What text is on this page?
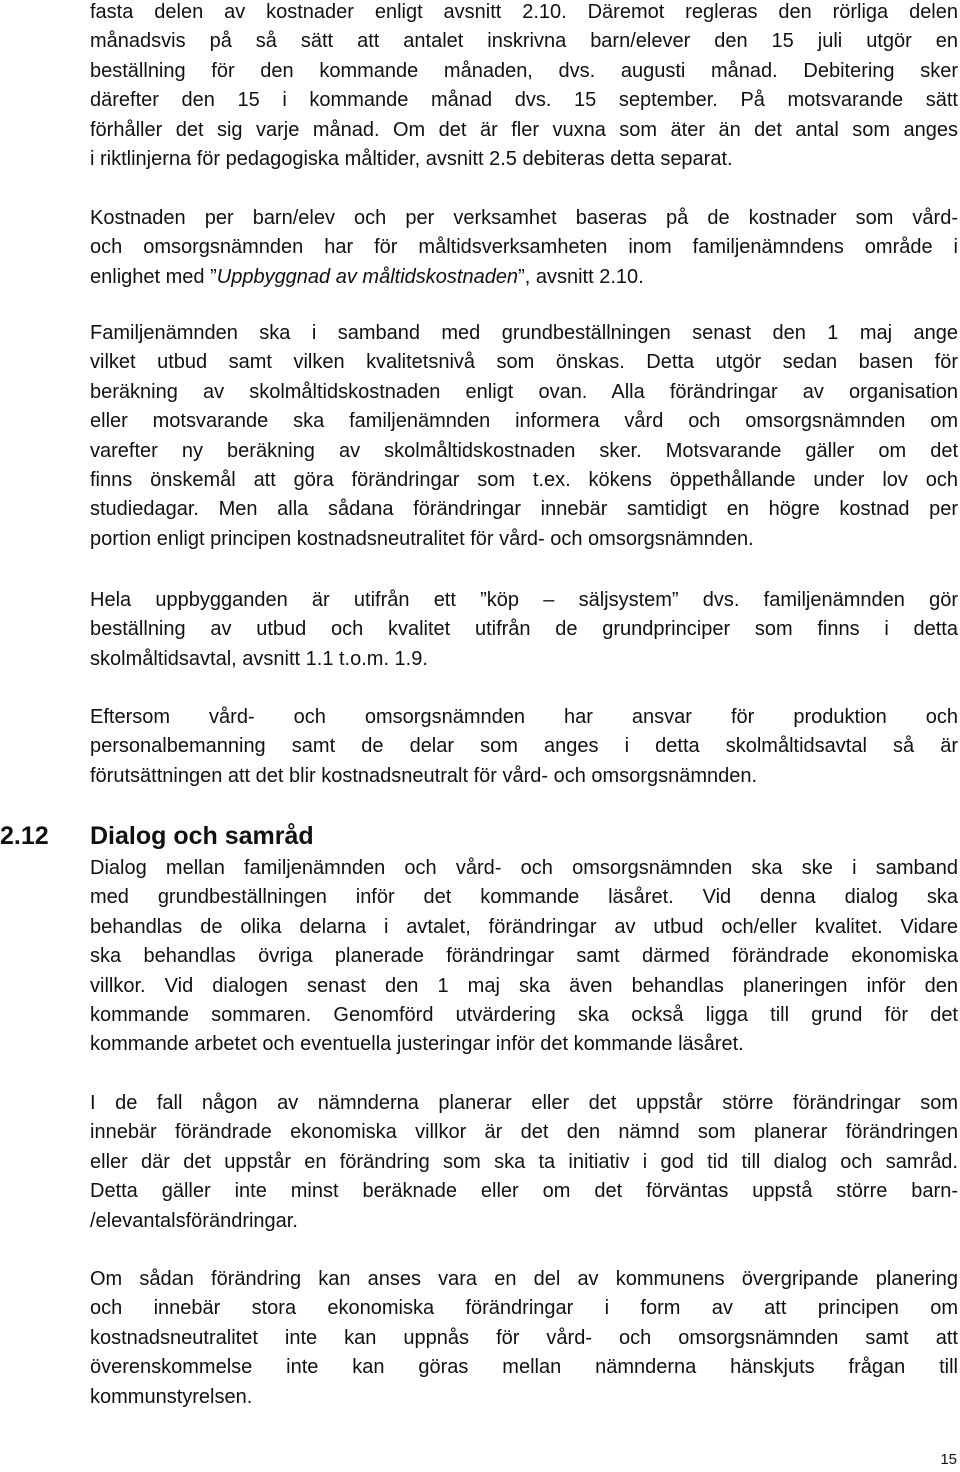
fasta delen av kostnader enligt avsnitt 2.10. Däremot regleras den rörliga delen
månadsvis på så sätt att antalet inskrivna barn/elever den 15 juli utgör en
beställning för den kommande månaden, dvs. augusti månad. Debitering sker
därefter den 15 i kommande månad dvs. 15 september. På motsvarande sätt
förhåller det sig varje månad. Om det är fler vuxna som äter än det antal som anges
i riktlinjerna för pedagogiska måltider, avsnitt 2.5 debiteras detta separat.

Kostnaden per barn/elev och per verksamhet baseras på de kostnader som vård-
och omsorgsnämnden har för måltidsverksamheten inom familjenämndens område i
enlighet med ”Uppbyggnad av måltidskostnaden”, avsnitt 2.10.

Familjenämnden ska i samband med grundbeställningen senast den 1 maj ange
vilket utbud samt vilken kvalitetsnivå som önskas. Detta utgör sedan basen för
beräkning av skolmåltidskostnaden enligt ovan. Alla förändringar av organisation
eller motsvarande ska familjenämnden informera vård och omsorgsnämnden om
varefter ny beräkning av skolmåltidskostnaden sker. Motsvarande gäller om det
finns önskemål att göra förändringar som t.ex. kökens öppethållande under lov och
studiedagar. Men alla sådana förändringar innebär samtidigt en högre kostnad per
portion enligt principen kostnadsneutralitet för vård- och omsorgsnämnden.

Hela uppbygganden är utifrån ett ”köp – säljsystem” dvs. familjenämnden gör
beställning av utbud och kvalitet utifrån de grundprinciper som finns i detta
skolmåltidsavtal, avsnitt 1.1 t.o.m. 1.9.

Eftersom vård- och omsorgsnämnden har ansvar för produktion och
personalbemanning samt de delar som anges i detta skolmåltidsavtal så är
förutsättningen att det blir kostnadsneutralt för vård- och omsorgsnämnden.

2.12 Dialog och samråd

Dialog mellan familjenämnden och vård- och omsorgsnämnden ska ske i samband
med grundbeställningen inför det kommande läsåret. Vid denna dialog ska
behandlas de olika delarna i avtalet, förändringar av utbud och/eller kvalitet. Vidare
ska behandlas övriga planerade förändringar samt därmed förändrade ekonomiska
villkor. Vid dialogen senast den 1 maj ska även behandlas planeringen inför den
kommande sommaren. Genomförd utvärdering ska också ligga till grund för det
kommande arbetet och eventuella justeringar inför det kommande läsåret.

I de fall någon av nämnderna planerar eller det uppstår större förändringar som
innebär förändrade ekonomiska villkor är det den nämnd som planerar förändringen
eller där det uppstår en förändring som ska ta initiativ i god tid till dialog och samråd.
Detta gäller inte minst beräknade eller om det förväntas uppstå större barn-
/elevantalsförändringar.

Om sådan förändring kan anses vara en del av kommunens övergripande planering
och innebär stora ekonomiska förändringar i form av att principen om
kostnadsneutralitet inte kan uppnås för vård- och omsorgsnämnden samt att
överenskommelse inte kan göras mellan nämnderna hänskjuts frågan till
kommunstyrelsen.

15
